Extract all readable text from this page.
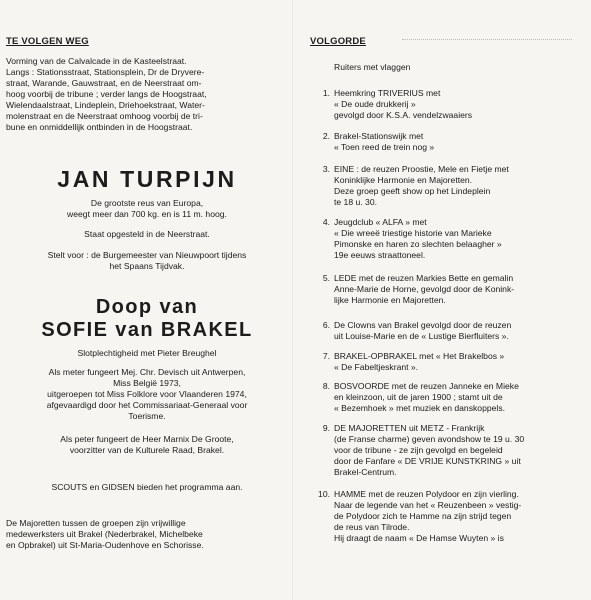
TE VOLGEN WEG
Vorming van de Calvalcade in de Kasteelstraat.
Langs : Stationsstraat, Stationsplein, Dr de Dryvere-
straat, Warande, Gauwstraat, en de Neerstraat om-
hoog voorbij de tribune ; verder langs de Hoogstraat,
Wielendaalstraat, Lindeplein, Driehoekstraat, Water-
molenstraat en de Neerstraat omhoog voorbij de tri-
bune en onmiddellijk ontbinden in de Hoogstraat.
JAN TURPIJN
De grootste reus van Europa,
weegt meer dan 700 kg. en is 11 m. hoog.
Staat opgesteld in de Neerstraat.
Stelt voor : de Burgemeester van Nieuwpoort tijdens
het Spaans Tijdvak.
Doop van
SOFIE van BRAKEL
Slotplechtigheid met Pieter Breughel
Als meter fungeert Mej. Chr. Devisch uit Antwerpen,
Miss België 1973,
uitgeroepen tot Miss Folklore voor Vlaanderen 1974,
afgevaardigd door het Commissariaat-Generaal voor
Toerisme.
Als peter fungeert de Heer Marnix De Groote,
voorzitter van de Kulturele Raad, Brakel.
SCOUTS en GIDSEN bieden het programma aan.
De Majoretten tussen de groepen zijn vrijwillige
medewerksters uit Brakel (Nederbrakel, Michelbeke
en Opbrakel) uit St-Maria-Oudenhove en Schorisse.
VOLGORDE
Ruiters met vlaggen
1. Heemkring TRIVERIUS met
« De oude drukkerij »
gevolgd door K.S.A. vendelzwaaiers
2. Brakel-Stationswijk met
« Toen reed de trein nog »
3. EINE : de reuzen Proostie, Mele en Fietje met
Koninklijke Harmonie en Majoretten.
Deze groep geeft show op het Lindeplein
te 18 u. 30.
4. Jeugdclub « ALFA » met
« Die wreeë triestige historie van Marieke
Pimonske en haren zo slechten belaagher »
19e eeuws straattoneel.
5. LEDE met de reuzen Markies Bette en gemalin
Anne-Marie de Horne, gevolgd door de Konink-
lijke Harmonie en Majoretten.
6. De Clowns van Brakel gevolgd door de reuzen
uit Louise-Marie en de « Lustige Bierfluiters ».
7. BRAKEL-OPBRAKEL met « Het Brakelbos »
« De Fabeltjeskrant ».
8. BOSVOORDE met de reuzen Janneke en Mieke
en kleinzoon, uit de jaren 1900 ; stamt uit de
« Bezemhoek » met muziek en danskoppels.
9. DE MAJORETTEN uit METZ - Frankrijk
(de Franse charme) geven avondshow te 19 u. 30
voor de tribune - ze zijn gevolgd en begeleid
door de Fanfare « DE VRIJE KUNSTKRING » uit
Brakel-Centrum.
10. HAMME met de reuzen Polydoor en zijn vierling.
Naar de legende van het « Reuzenbeen » vestig-
de Polydoor zich te Hamme na zijn strijd tegen
de reus van Tilrode.
Hij draagt de naam « De Hamse Wuyten » is
